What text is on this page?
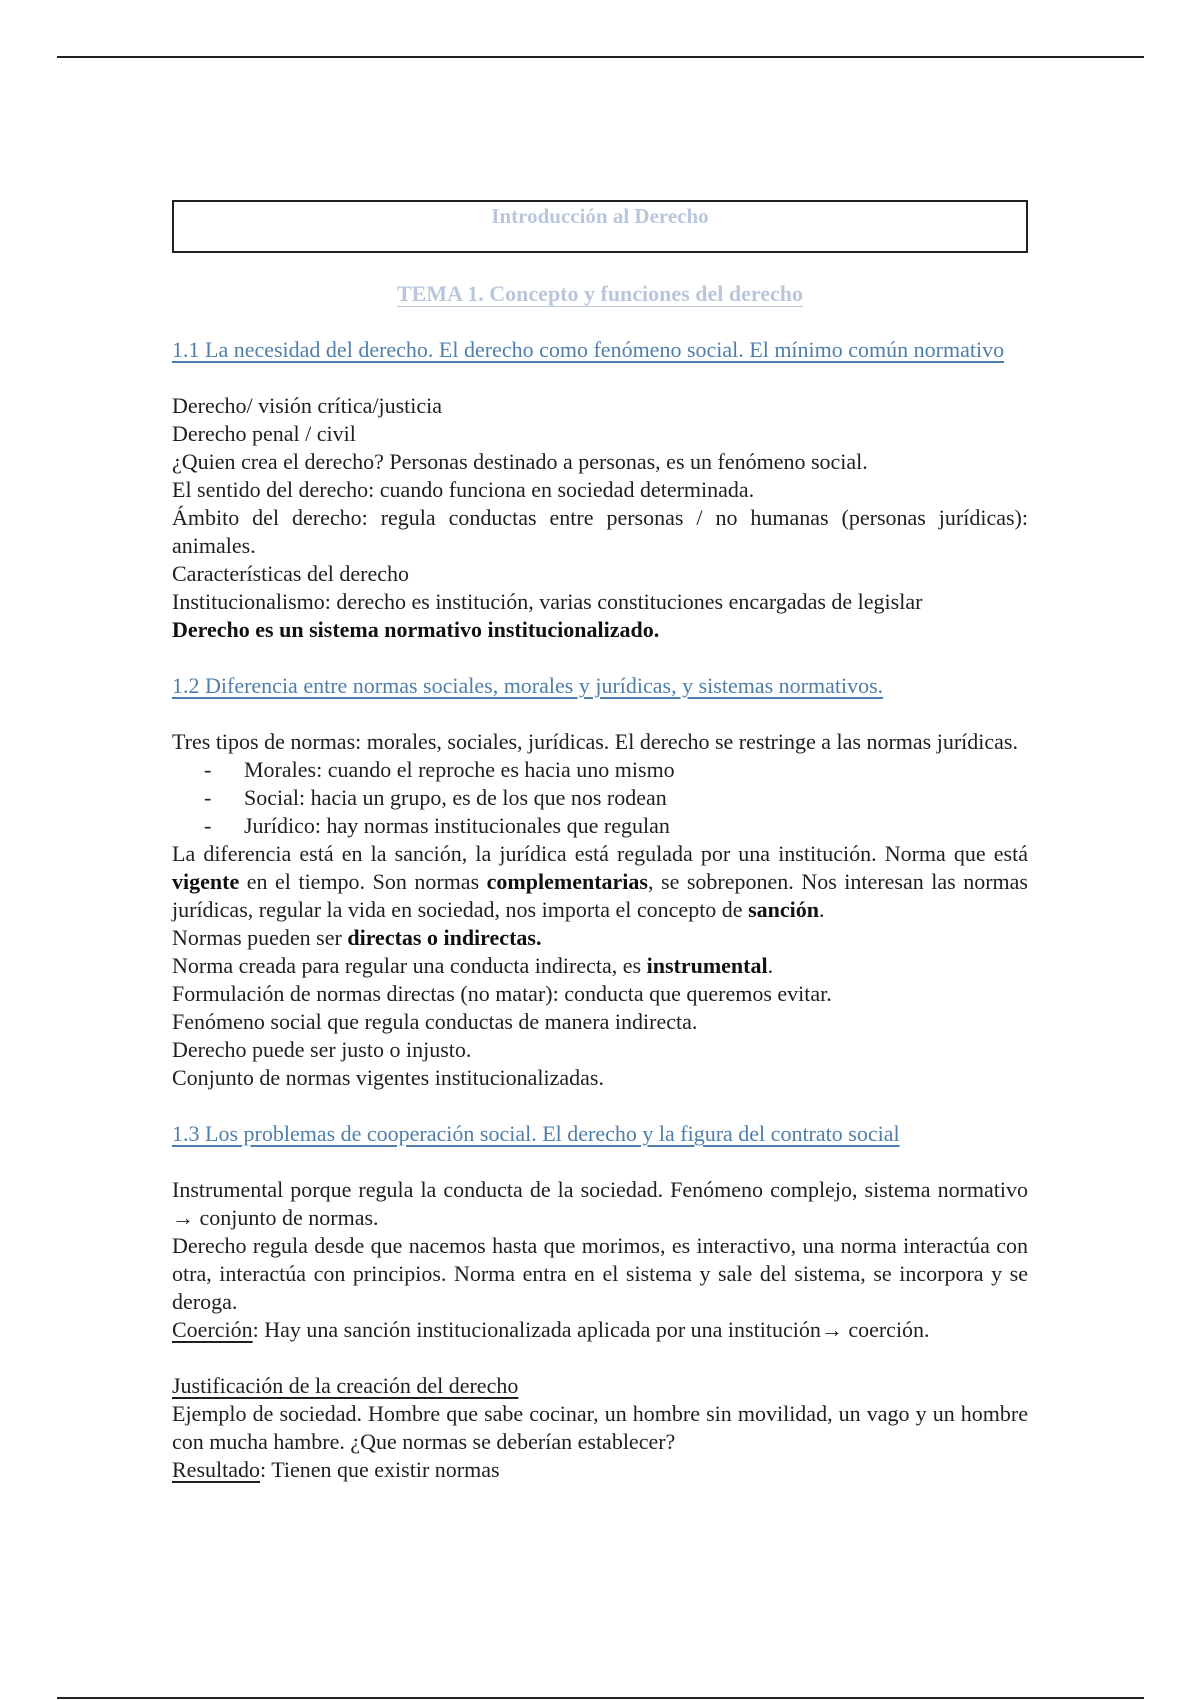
Introducción al Derecho
TEMA 1. Concepto y funciones del derecho

1.1 La necesidad del derecho. El derecho como fenómeno social. El mínimo común normativo

Derecho/ visión crítica/justicia

Derecho penal / civil

¿Quien crea el derecho? Personas destinado a personas, es un fenómeno social.

El sentido del derecho: cuando funciona en sociedad determinada.

Ámbito del derecho: regula conductas entre personas / no humanas (personas jurídicas): animales.

Características del derecho

Institucionalismo: derecho es institución, varias constituciones encargadas de legislar

Derecho es un sistema normativo institucionalizado.

1.2 Diferencia entre normas sociales, morales y jurídicas, y sistemas normativos.

Tres tipos de normas: morales, sociales, jurídicas. El derecho se restringe a las normas jurídicas.

- Morales: cuando el reproche es hacia uno mismo
- Social: hacia un grupo, es de los que nos rodean
- Jurídico: hay normas institucionales que regulan

La diferencia está en la sanción, la jurídica está regulada por una institución. Norma que está vigente en el tiempo. Son normas complementarias, se sobreponen. Nos interesan las normas jurídicas, regular la vida en sociedad, nos importa el concepto de sanción.

Normas pueden ser directas o indirectas.

Norma creada para regular una conducta indirecta, es instrumental.

Formulación de normas directas (no matar): conducta que queremos evitar.

Fenómeno social que regula conductas de manera indirecta.

Derecho puede ser justo o injusto.

Conjunto de normas vigentes institucionalizadas.

1.3 Los problemas de cooperación social. El derecho y la figura del contrato social

Instrumental porque regula la conducta de la sociedad. Fenómeno complejo, sistema normativo → conjunto de normas.

Derecho regula desde que nacemos hasta que morimos, es interactivo, una norma interactúa con otra, interactúa con principios. Norma entra en el sistema y sale del sistema, se incorpora y se deroga.

Coerción: Hay una sanción institucionalizada aplicada por una institución→ coerción.

Justificación de la creación del derecho

Ejemplo de sociedad. Hombre que sabe cocinar, un hombre sin movilidad, un vago y un hombre con mucha hambre. ¿Que normas se deberían establecer?

Resultado: Tienen que existir normas
